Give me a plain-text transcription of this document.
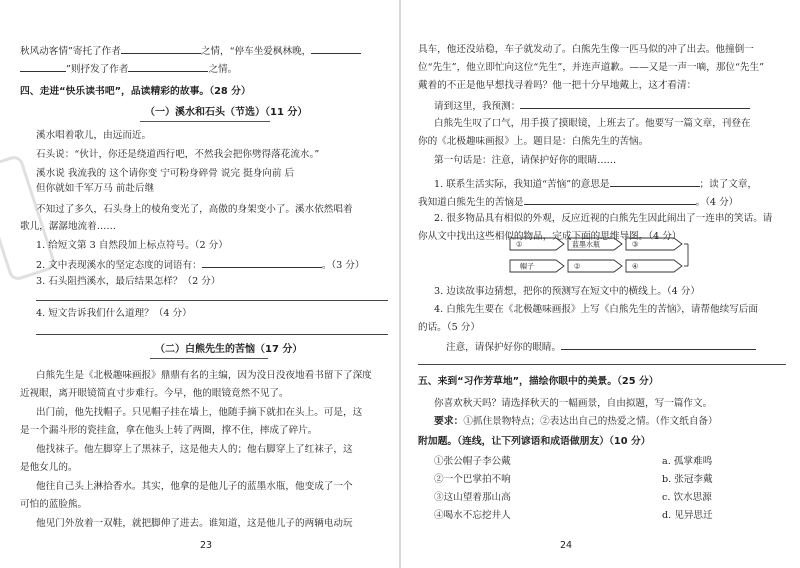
秋风动客情”寄托了作者	之情，“停车坐爱枫林晚，
”则抒发了作者	之情。
四、走进“快乐读书吧”，品读精彩的故事。（28 分）
（一）溪水和石头（节选）（11 分）
溪水唱着歌儿，由远而近。
石头说：“伙计，你还是绕道西行吧，不然我会把你劈得落花流水。”
溪水说 我流我的 这个请你变 宁可粉身碎骨 说完 挺身向前 后
但你就如千军万马 前赴后继
不知过了多久，石头身上的棱角变光了，高傲的身架变小了。溪水依然唱着
歌儿，潺潺地流着……
1. 给短文第 3 自然段加上标点符号。（2 分）
2. 文中表现溪水的坚定态度的词语有：	。（3 分）
3. 石头阻挡溪水，最后结果怎样？（2 分）
4. 短文告诉我们什么道理？（4 分）
（二）白熊先生的苦恼（17 分）
白熊先生是《北极趣味画报》鼎鼎有名的主编，因为没日没夜地看书留下了深度
近视眼，离开眼镜简直寸步难行。今早，他的眼镜竟然不见了。
出门前，他先找帽子。只见帽子挂在墙上，他随手摘下就扣在头上。可是，这
是一个漏斗形的瓷挂盒，拿在他头上转了两圈，撑不住，摔成了碎片。
他找袜子。他左脚穿上了黑袜子，这是他夫人的；他右脚穿上了红袜子，这
是他女儿的。
他往自己头上淋拾香水。其实，他拿的是他儿子的蓝墨水瓶，他变成了一个
可怕的蓝脸熊。
他见门外放着一双鞋，就把脚伸了进去。谁知道，这是他儿子的两辆电动玩
23
具车，他还没站稳，车子就发动了。白熊先生像一匹马似的冲了出去。他撞倒一
位“先生”，他立即忙向这位“先生”，并连声道歉。——又是一声一嘀，那位“先生”
戴着的不正是他早想找寻着吗？他一把十分早地戴上，这才看清：
请到这里，我预测：
白熊先生叹了口气，用手摸了摸眼镜，上班去了。他要写一篇文章，刊登在
你的《北极趣味画报》上。题目是：白熊先生的苦恼。
第一句话是：注意，请保护好你的眼睛……
1. 联系生活实际，我知道“苦恼”的意思是	；读了文章，
我知道白熊先生的苦恼是	。（4 分）
2. 很多物品具有相似的外观，反应近视的白熊先生因此闹出了一连串的笑话。请
你从文中找出这些相似的物品，完成下面的思维导图。（4 分）
①	蓝墨水瓶	③
帽子	②	④
3. 边读故事边猜想，把你的预测写在短文中的横线上。（4 分）
4. 白熊先生要在《北极趣味画报》上写《白熊先生的苦恼》，请帮他续写后面
的话。（5 分）
注意，请保护好你的眼睛。
五、来到“习作芳草地”，描绘你眼中的美景。（25 分）
你喜欢秋天吗？请选择秋天的一幅画景，自由拟题，写一篇作文。
要求：①抓住景物特点；②表达出自己的热爱之情。（作文纸自备）
附加题。（连线，让下列谚语和成语做朋友）（10 分）
①张公帽子李公戴
②一个巴掌拍不响
③这山望着那山高
④喝水不忘挖井人
a. 孤掌难鸣
b. 张冠李戴
c. 饮水思源
d. 见异思迁
24
